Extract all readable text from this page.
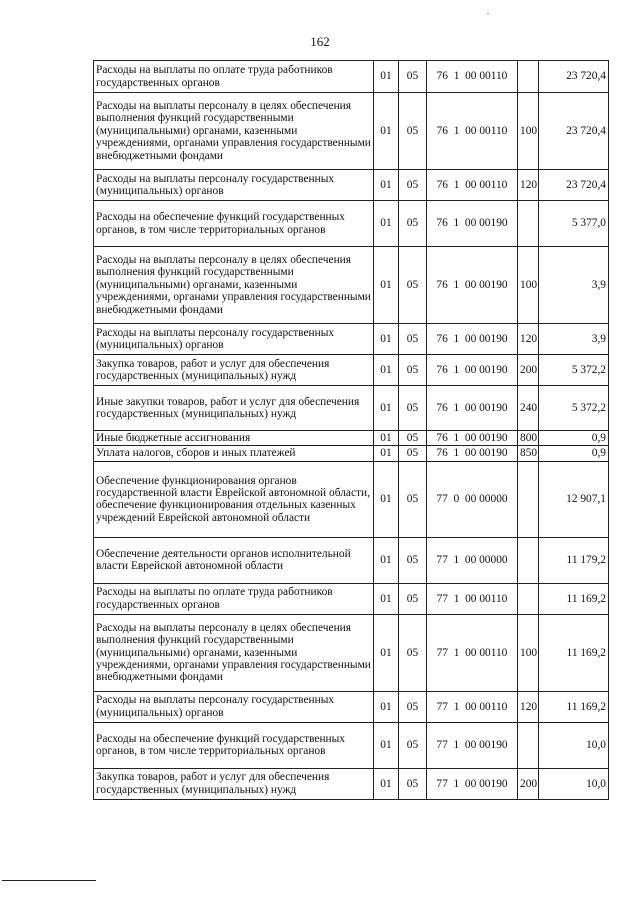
162
Расходы на выплаты по оплате труда работников государственных органов	01	05	76  1  00 00110		23 720,4
Расходы на выплаты персоналу в целях обеспечения выполнения функций государственными (муниципальными) органами, казенными учреждениями, органами управления государственными внебюджетными фондами	01	05	76  1  00 00110	100	23 720,4
Расходы на выплаты персоналу государственных (муниципальных) органов	01	05	76  1  00 00110	120	23 720,4
Расходы на обеспечение функций государственных органов, в том числе территориальных органов	01	05	76  1  00 00190		5 377,0
Расходы на выплаты персоналу в целях обеспечения выполнения функций государственными (муниципальными) органами, казенными учреждениями, органами управления государственными внебюджетными фондами	01	05	76  1  00 00190	100	3,9
Расходы на выплаты персоналу государственных (муниципальных) органов	01	05	76  1  00 00190	120	3,9
Закупка товаров, работ и услуг для обеспечения государственных (муниципальных) нужд	01	05	76  1  00 00190	200	5 372,2
Иные закупки товаров, работ и услуг для обеспечения государственных (муниципальных) нужд	01	05	76  1  00 00190	240	5 372,2
Иные бюджетные ассигнования	01	05	76  1  00 00190	800	0,9
Уплата налогов, сборов и иных платежей	01	05	76  1  00 00190	850	0,9
Обеспечение функционирования органов государственной власти Еврейской автономной области, обеспечение функционирования отдельных казенных учреждений Еврейской автономной области	01	05	77  0  00 00000		12 907,1
Обеспечение деятельности органов исполнительной власти Еврейской автономной области	01	05	77  1  00 00000		11 179,2
Расходы на выплаты по оплате труда работников государственных органов	01	05	77  1  00 00110		11 169,2
Расходы на выплаты персоналу в целях обеспечения выполнения функций государственными (муниципальными) органами, казенными учреждениями, органами управления государственными внебюджетными фондами	01	05	77  1  00 00110	100	11 169,2
Расходы на выплаты персоналу государственных (муниципальных) органов	01	05	77  1  00 00110	120	11 169,2
Расходы на обеспечение функций государственных органов, в том числе территориальных органов	01	05	77  1  00 00190		10,0
Закупка товаров, работ и услуг для обеспечения государственных (муниципальных) нужд	01	05	77  1  00 00190	200	10,0
